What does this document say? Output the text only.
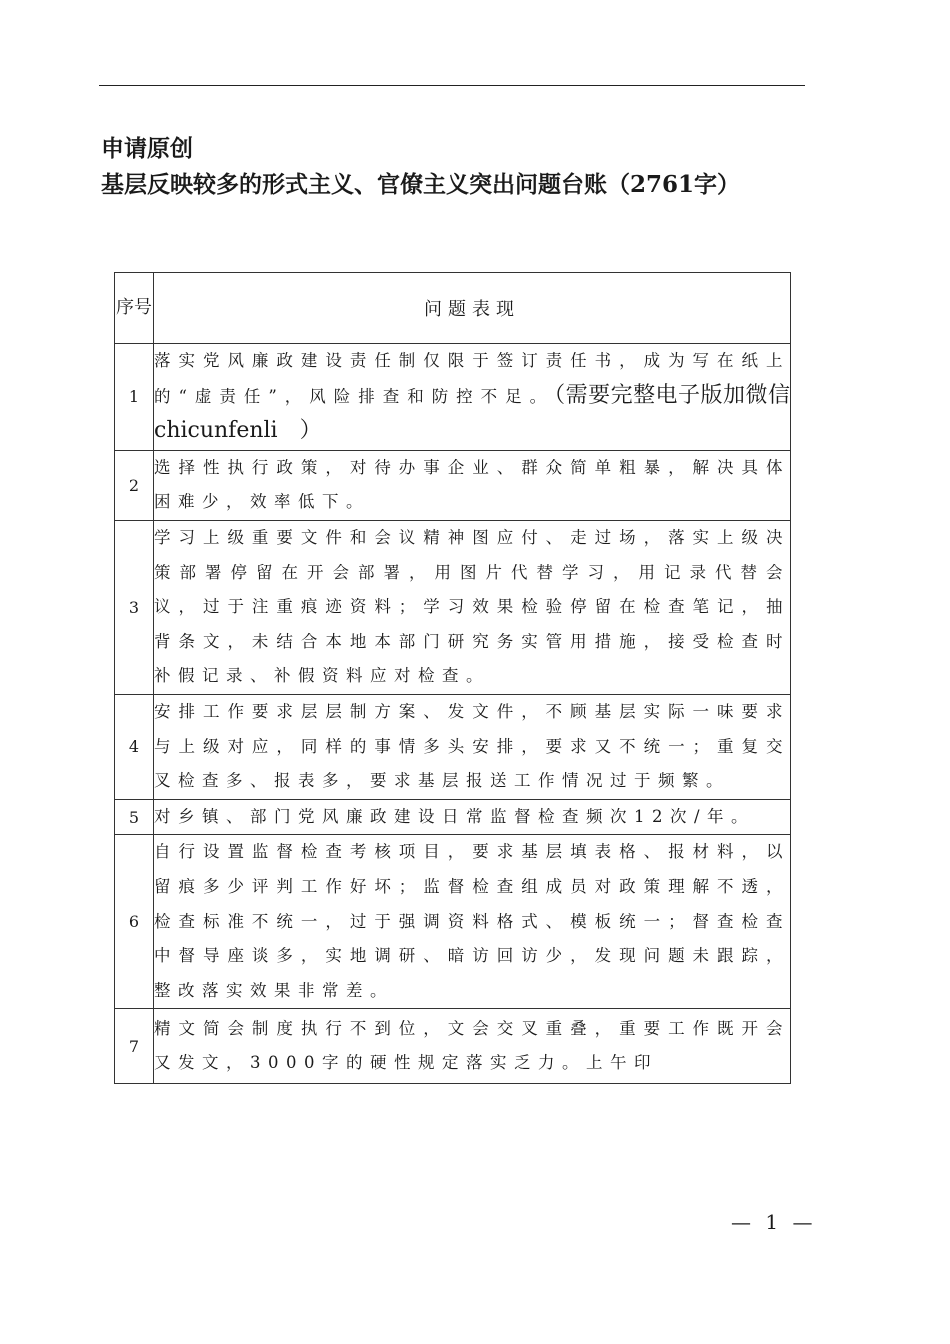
申请原创
基层反映较多的形式主义、官僚主义突出问题台账（2761字）
序号	问题表现
1	落实党风廉政建设责任制仅限于签订责任书，成为写在纸上的“虚责任”，风险排查和防控不足。（需要完整电子版加微信chicunfenli　）
2	选择性执行政策，对待办事企业、群众简单粗暴，解决具体困难少，效率低下。
3	学习上级重要文件和会议精神图应付、走过场，落实上级决策部署停留在开会部署，用图片代替学习，用记录代替会议，过于注重痕迹资料；学习效果检验停留在检查笔记，抽背条文，未结合本地本部门研究务实管用措施，接受检查时补假记录、补假资料应对检查。
4	安排工作要求层层制方案、发文件，不顾基层实际一味要求与上级对应，同样的事情多头安排，要求又不统一；重复交叉检查多、报表多，要求基层报送工作情况过于频繁。
5	对乡镇、部门党风廉政建设日常监督检查频次12次/年。
6	自行设置监督检查考核项目，要求基层填表格、报材料，以留痕多少评判工作好坏；监督检查组成员对政策理解不透，检查标准不统一，过于强调资料格式、模板统一；督查检查中督导座谈多，实地调研、暗访回访少，发现问题未跟踪，整改落实效果非常差。
7	精文简会制度执行不到位，文会交叉重叠，重要工作既开会又发文，3000字的硬性规定落实乏力。上午印
— 1 —
